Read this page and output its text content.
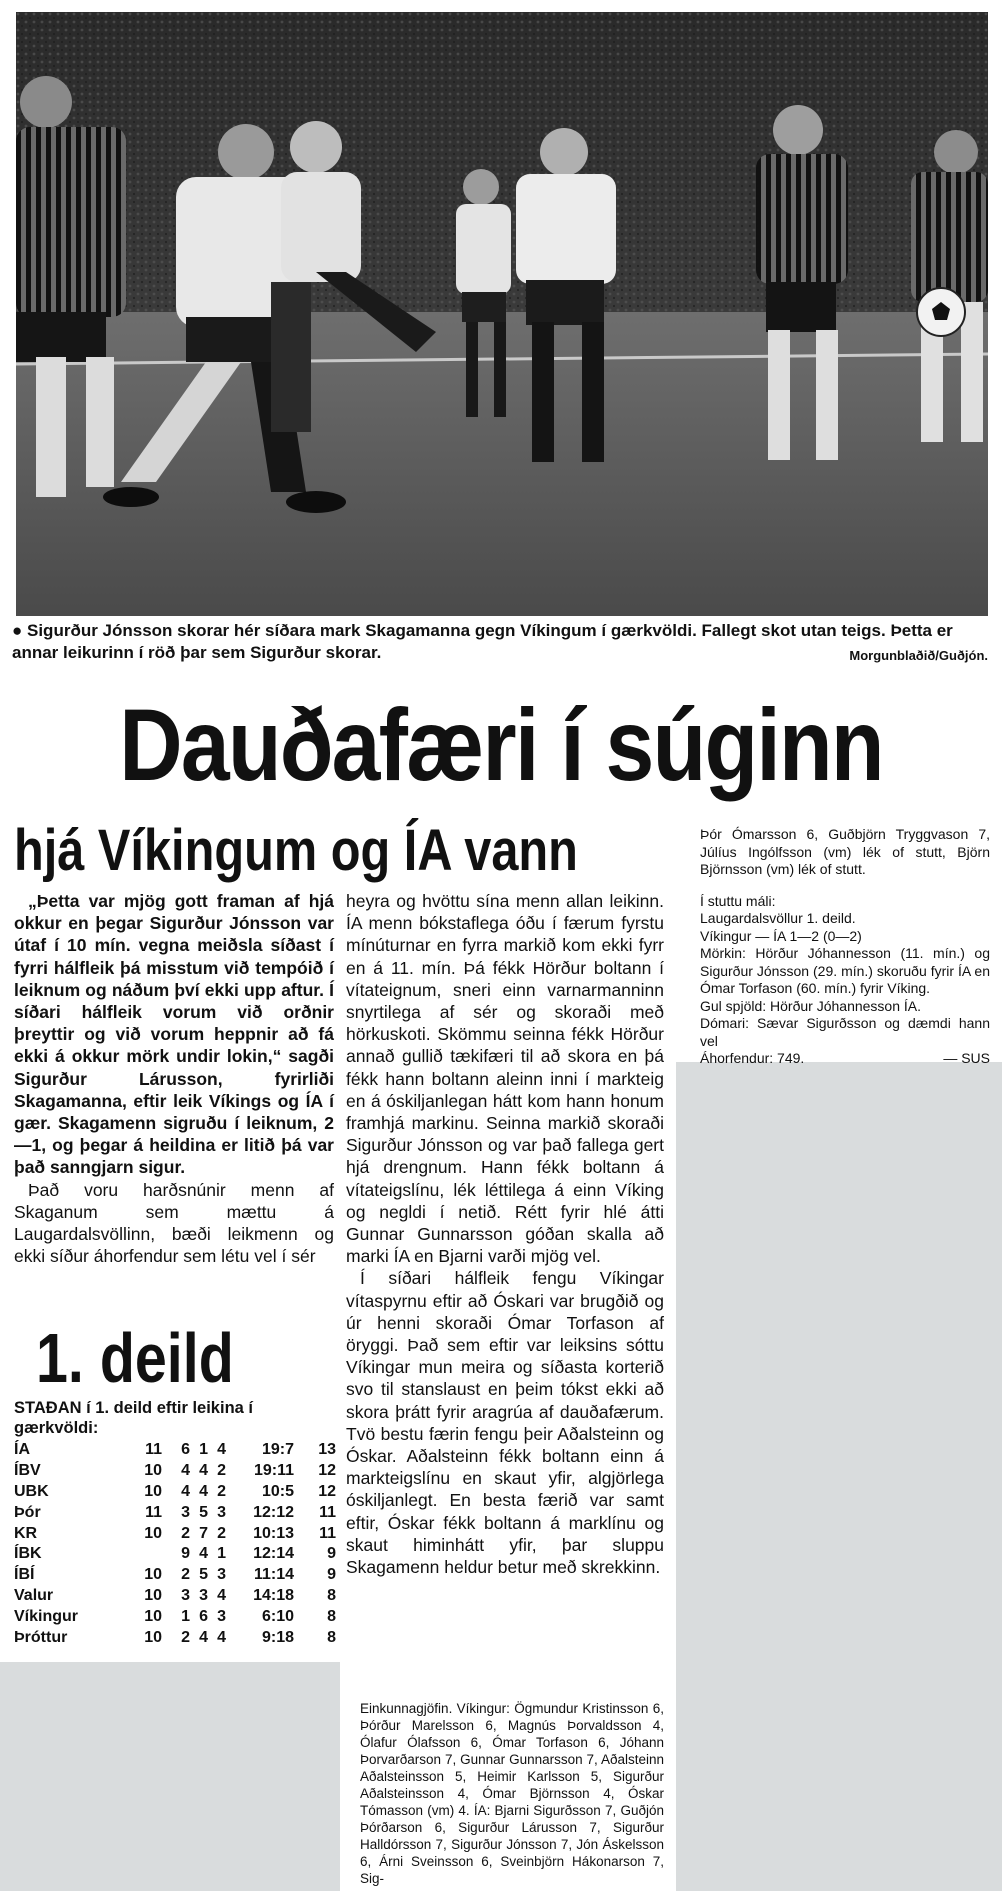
● Sigurður Jónsson skorar hér síðara mark Skagamanna gegn Víkingum í gærkvöldi. Fallegt skot utan teigs. Þetta er annar leikurinn í röð þar sem Sigurður skorar.	Morgunblaðið/Guðjón.
Dauðafæri í súginn
hjá Víkingum og ÍA vann

„Þetta var mjög gott framan af hjá okkur en þegar Sigurður Jónsson var útaf í 10 mín. vegna meiðsla síðast í fyrri hálfleik þá misstum við tempóið í leiknum og náðum því ekki upp aftur. Í síðari hálfleik vorum við orðnir þreyttir og við vorum heppnir að fá ekki á okkur mörk undir lokin,“ sagði Sigurður Lárusson, fyrirliði Skagamanna, eftir leik Víkings og ÍA í gær. Skagamenn sigruðu í leiknum, 2—1, og þegar á heildina er litið þá var það sanngjarn sigur.

Það voru harðsnúnir menn af Skaganum sem mættu á Laugardalsvöllinn, bæði leikmenn og ekki síður áhorfendur sem létu vel í sér

heyra og hvöttu sína menn allan leikinn. ÍA menn bókstaflega óðu í færum fyrstu mínúturnar en fyrra markið kom ekki fyrr en á 11. mín. Þá fékk Hörður boltann í vítateignum, sneri einn varnarmanninn snyrtilega af sér og skoraði með hörkuskoti. Skömmu seinna fékk Hörður annað gullið tækifæri til að skora en þá fékk hann boltann aleinn inni í markteig en á óskiljanlegan hátt kom hann honum framhjá markinu. Seinna markið skoraði Sigurður Jónsson og var það fallega gert hjá drengnum. Hann fékk boltann á vítateigslínu, lék léttilega á einn Víking og negldi í netið. Rétt fyrir hlé átti Gunnar Gunnarsson góðan skalla að marki ÍA en Bjarni varði mjög vel.

Í síðari hálfleik fengu Víkingar vítaspyrnu eftir að Óskari var brugðið og úr henni skoraði Ómar Torfason af öryggi. Það sem eftir var leiksins sóttu Víkingar mun meira og síðasta korterið svo til stanslaust en þeim tókst ekki að skora þrátt fyrir aragrúa af dauðafærum. Tvö bestu færin fengu þeir Aðalsteinn og Óskar. Aðalsteinn fékk boltann einn á markteigslínu en skaut yfir, algjörlega óskiljanlegt. En besta færið var samt eftir, Óskar fékk boltann á marklínu og skaut himinhátt yfir, þar sluppu Skagamenn heldur betur með skrekkinn.

Þór Ómarsson 6, Guðbjörn Tryggvason 7, Júlíus Ingólfsson (vm) lék of stutt, Björn Björnsson (vm) lék of stutt.
Í stuttu máli:
Laugardalsvöllur 1. deild.
Víkingur — ÍA 1—2 (0—2)
Mörkin: Hörður Jóhannesson (11. mín.) og Sigurður Jónsson (29. mín.) skoruðu fyrir ÍA en Ómar Torfason (60. mín.) fyrir Víking.
Gul spjöld: Hörður Jóhannesson ÍA.
Dómari: Sævar Sigurðsson og dæmdi hann vel
Áhorfendur: 749.	— SUS
1. deild
STAÐAN í 1. deild eftir leikina í gærkvöldi:
ÍA	11	6	1	4	19:7	13
ÍBV	10	4	4	2	19:11	12
UBK	10	4	4	2	10:5	12
Þór	11	3	5	3	12:12	11
KR	10	2	7	2	10:13	11
ÍBK		9	4	1	12:14	9
ÍBÍ	10	2	5	3	11:14	9
Valur	10	3	3	4	14:18	8
Víkingur	10	1	6	3	6:10	8
Þróttur	10	2	4	4	9:18	8
Einkunnagjöfin. Víkingur: Ögmundur Kristinsson 6, Þórður Marelsson 6, Magnús Þorvaldsson 4, Ólafur Ólafsson 6, Ómar Torfason 6, Jóhann Þorvarðarson 7, Gunnar Gunnarsson 7, Aðalsteinn Aðalsteinsson 5, Heimir Karlsson 5, Sigurður Aðalsteinsson 4, Ómar Björnsson 4, Óskar Tómasson (vm) 4. ÍA: Bjarni Sigurðsson 7, Guðjón Þórðarson 6, Sigurður Lárusson 7, Sigurður Halldórsson 7, Sigurður Jónsson 7, Jón Áskelsson 6, Árni Sveinsson 6, Sveinbjörn Hákonarson 7, Sig-
